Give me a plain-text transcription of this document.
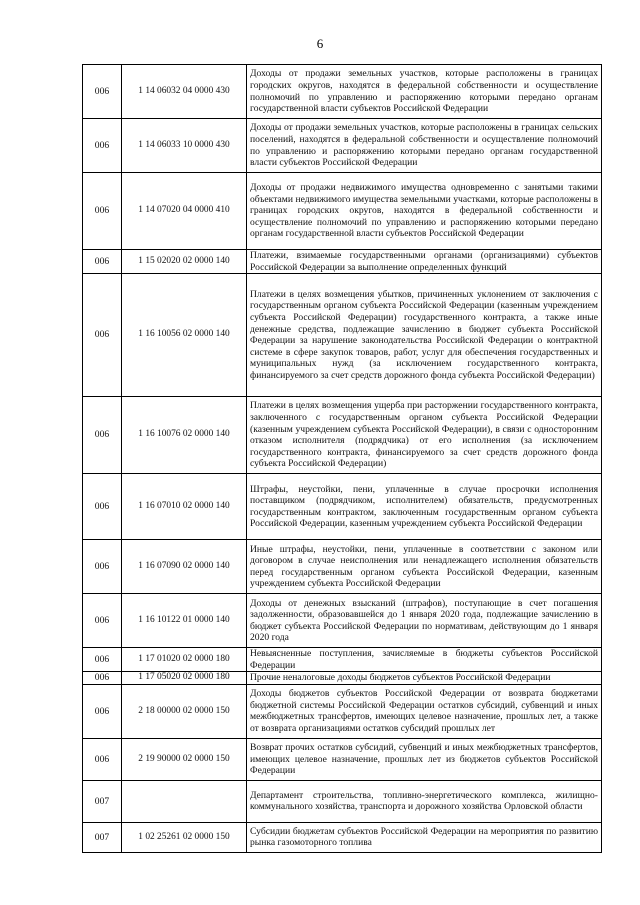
6
006	1 14 06032 04 0000 430	Доходы от продажи земельных участков, которые расположены в границах городских округов, находятся в федеральной собственности и осуществление полномочий по управлению и распоряжению которыми передано органам государственной власти субъектов Российской Федерации
006	1 14 06033 10 0000 430	Доходы от продажи земельных участков, которые расположены в границах сельских поселений, находятся в федеральной собственности и осуществление полномочий по управлению и распоряжению которыми передано органам государственной власти субъектов Российской Федерации
006	1 14 07020 04 0000 410	Доходы от продажи недвижимого имущества одновременно с занятыми такими объектами недвижимого имущества земельными участками, которые расположены в границах городских округов, находятся в федеральной собственности и осуществление полномочий по управлению и распоряжению которыми передано органам государственной власти субъектов Российской Федерации
006	1 15 02020 02 0000 140	Платежи, взимаемые государственными органами (организациями) субъектов Российской Федерации за выполнение определенных функций
006	1 16 10056 02 0000 140	Платежи в целях возмещения убытков, причиненных уклонением от заключения с государственным органом субъекта Российской Федерации (казенным учреждением субъекта Российской Федерации) государственного контракта, а также иные денежные средства, подлежащие зачислению в бюджет субъекта Российской Федерации за нарушение законодательства Российской Федерации о контрактной системе в сфере закупок товаров, работ, услуг для обеспечения государственных и муниципальных нужд (за исключением государственного контракта, финансируемого за счет средств дорожного фонда субъекта Российской Федерации)
006	1 16 10076 02 0000 140	Платежи в целях возмещения ущерба при расторжении государственного контракта, заключенного с государственным органом субъекта Российской Федерации (казенным учреждением субъекта Российской Федерации), в связи с односторонним отказом исполнителя (подрядчика) от его исполнения (за исключением государственного контракта, финансируемого за счет средств дорожного фонда субъекта Российской Федерации)
006	1 16 07010 02 0000 140	Штрафы, неустойки, пени, уплаченные в случае просрочки исполнения поставщиком (подрядчиком, исполнителем) обязательств, предусмотренных государственным контрактом, заключенным государственным органом субъекта Российской Федерации, казенным учреждением субъекта Российской Федерации
006	1 16 07090 02 0000 140	Иные штрафы, неустойки, пени, уплаченные в соответствии с законом или договором в случае неисполнения или ненадлежащего исполнения обязательств перед государственным органом субъекта Российской Федерации, казенным учреждением субъекта Российской Федерации
006	1 16 10122 01 0000 140	Доходы от денежных взысканий (штрафов), поступающие в счет погашения задолженности, образовавшейся до 1 января 2020 года, подлежащие зачислению в бюджет субъекта Российской Федерации по нормативам, действующим до 1 января 2020 года
006	1 17 01020 02 0000 180	Невыясненные поступления, зачисляемые в бюджеты субъектов Российской Федерации
006	1 17 05020 02 0000 180	Прочие неналоговые доходы бюджетов субъектов Российской Федерации
006	2 18 00000 02 0000 150	Доходы бюджетов субъектов Российской Федерации от возврата бюджетами бюджетной системы Российской Федерации остатков субсидий, субвенций и иных межбюджетных трансфертов, имеющих целевое назначение, прошлых лет, а также от возврата организациями остатков субсидий прошлых лет
006	2 19 90000 02 0000 150	Возврат прочих остатков субсидий, субвенций и иных межбюджетных трансфертов, имеющих целевое назначение, прошлых лет из бюджетов субъектов Российской Федерации
007		Департамент строительства, топливно-энергетического комплекса, жилищно-коммунального хозяйства, транспорта и дорожного хозяйства Орловской области
007	1 02 25261 02 0000 150	Субсидии бюджетам субъектов Российской Федерации на мероприятия по развитию рынка газомоторного топлива
